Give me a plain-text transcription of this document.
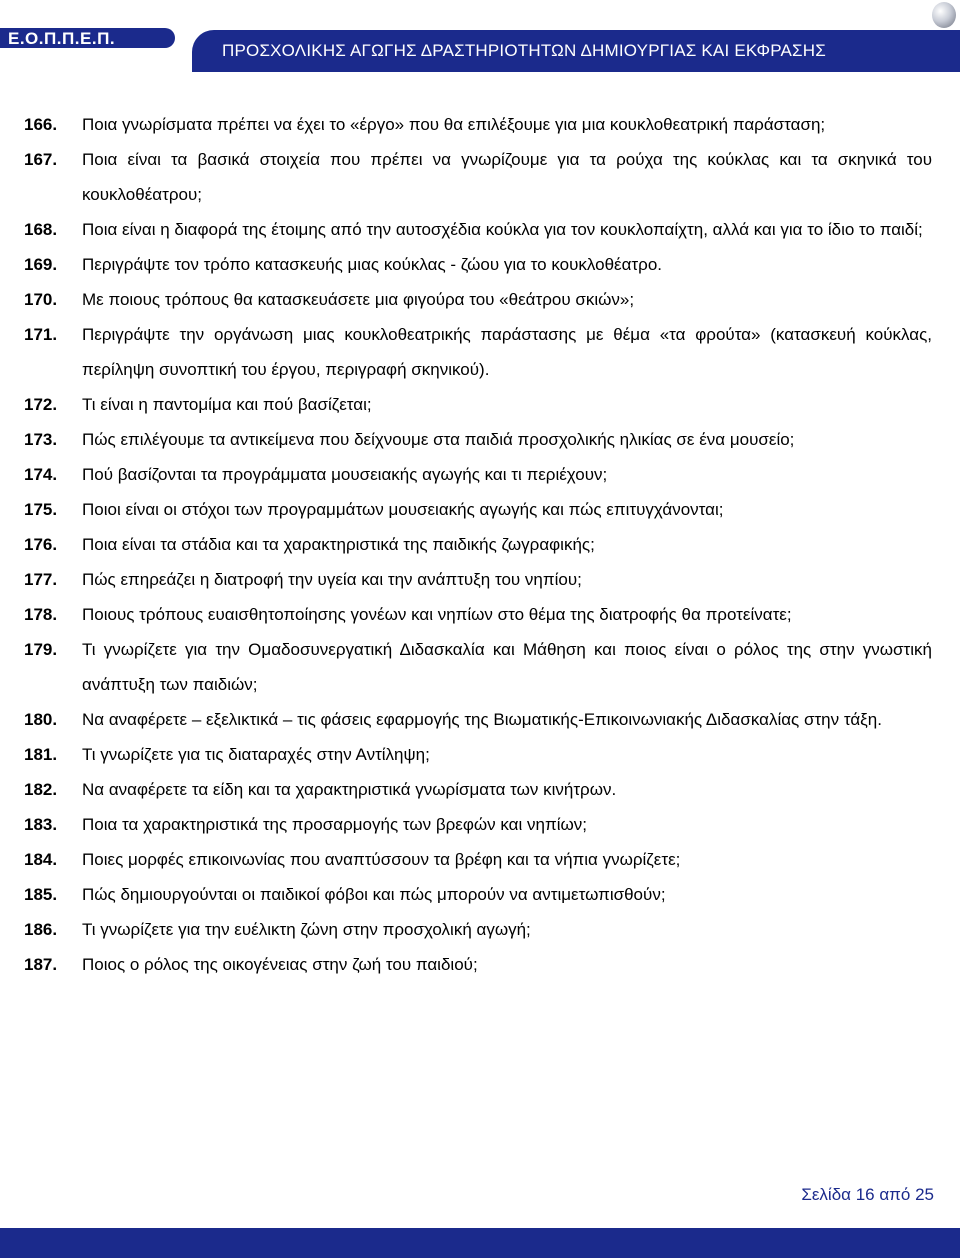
Ε.Ο.Π.Π.Ε.Π.
ΠΡΟΣΧΟΛΙΚΗΣ ΑΓΩΓΗΣ ΔΡΑΣΤΗΡΙΟΤΗΤΩΝ ΔΗΜΙΟΥΡΓΙΑΣ ΚΑΙ ΕΚΦΡΑΣΗΣ
166. Ποια γνωρίσματα πρέπει να έχει το «έργο» που θα επιλέξουμε για μια κουκλοθεατρική παράσταση;
167. Ποια είναι τα βασικά στοιχεία που πρέπει να γνωρίζουμε για τα ρούχα της κούκλας και τα σκηνικά του κουκλοθέατρου;
168. Ποια είναι η διαφορά της έτοιμης από την αυτοσχέδια κούκλα για τον κουκλοπαίχτη, αλλά και για το ίδιο το παιδί;
169. Περιγράψτε τον τρόπο κατασκευής μιας κούκλας - ζώου για το κουκλοθέατρο.
170. Με ποιους τρόπους θα κατασκευάσετε μια φιγούρα του «θεάτρου σκιών»;
171. Περιγράψτε την οργάνωση μιας κουκλοθεατρικής παράστασης με θέμα «τα φρούτα» (κατασκευή κούκλας, περίληψη συνοπτική του έργου, περιγραφή σκηνικού).
172. Τι είναι η παντομίμα και πού βασίζεται;
173. Πώς επιλέγουμε τα αντικείμενα που δείχνουμε στα παιδιά προσχολικής ηλικίας σε ένα μουσείο;
174. Πού βασίζονται τα προγράμματα μουσειακής αγωγής και τι περιέχουν;
175. Ποιοι είναι οι στόχοι των προγραμμάτων μουσειακής αγωγής και πώς επιτυγχάνονται;
176. Ποια είναι τα στάδια και τα χαρακτηριστικά της παιδικής ζωγραφικής;
177. Πώς επηρεάζει η διατροφή την υγεία και την ανάπτυξη του νηπίου;
178. Ποιους τρόπους ευαισθητοποίησης γονέων και νηπίων στο θέμα της διατροφής θα προτείνατε;
179. Τι γνωρίζετε για την Ομαδοσυνεργατική Διδασκαλία και Μάθηση και ποιος είναι ο ρόλος της στην γνωστική ανάπτυξη των παιδιών;
180. Να αναφέρετε – εξελικτικά – τις φάσεις εφαρμογής της Βιωματικής-Επικοινωνιακής Διδασκαλίας στην τάξη.
181. Τι γνωρίζετε για τις διαταραχές στην Αντίληψη;
182. Να αναφέρετε τα είδη και τα χαρακτηριστικά γνωρίσματα των κινήτρων.
183. Ποια τα χαρακτηριστικά της προσαρμογής των βρεφών και νηπίων;
184. Ποιες μορφές επικοινωνίας που αναπτύσσουν τα βρέφη και τα νήπια γνωρίζετε;
185. Πώς δημιουργούνται οι παιδικοί φόβοι και πώς μπορούν να αντιμετωπισθούν;
186. Τι γνωρίζετε για την ευέλικτη ζώνη στην προσχολική αγωγή;
187. Ποιος ο ρόλος της οικογένειας στην ζωή του παιδιού;
Σελίδα 16 από 25
